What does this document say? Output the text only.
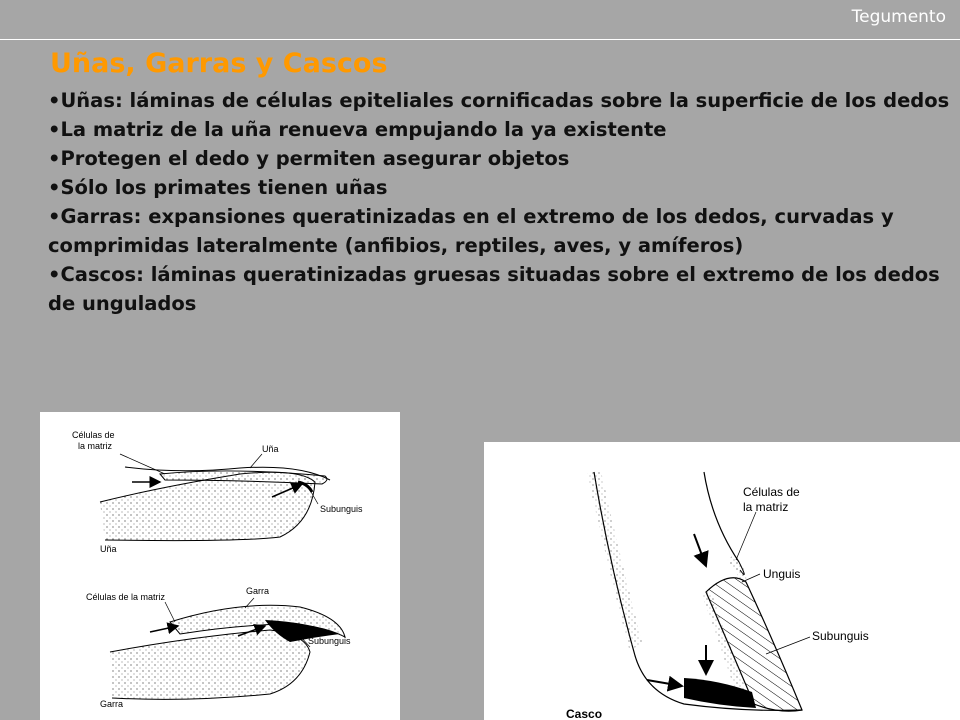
Tegumento
Uñas, Garras y Cascos
• Uñas: láminas de células epiteliales cornificadas sobre la superficie de los dedos
• La matriz de la uña renueva empujando la ya existente
• Protegen el dedo y permiten asegurar objetos
• Sólo los primates tienen uñas
• Garras: expansiones queratinizadas en el extremo de los dedos, curvadas y comprimidas lateralmente (anfibios, reptiles, aves, y amíferos)
• Cascos: láminas queratinizadas gruesas situadas sobre el extremo de los dedos de ungulados
Células de
la matriz	Uña
Subunguis
Uña
Células de la matriz
Garra
Subunguis
Garra
Células de
la matriz
Unguis
Subunguis
Casco
